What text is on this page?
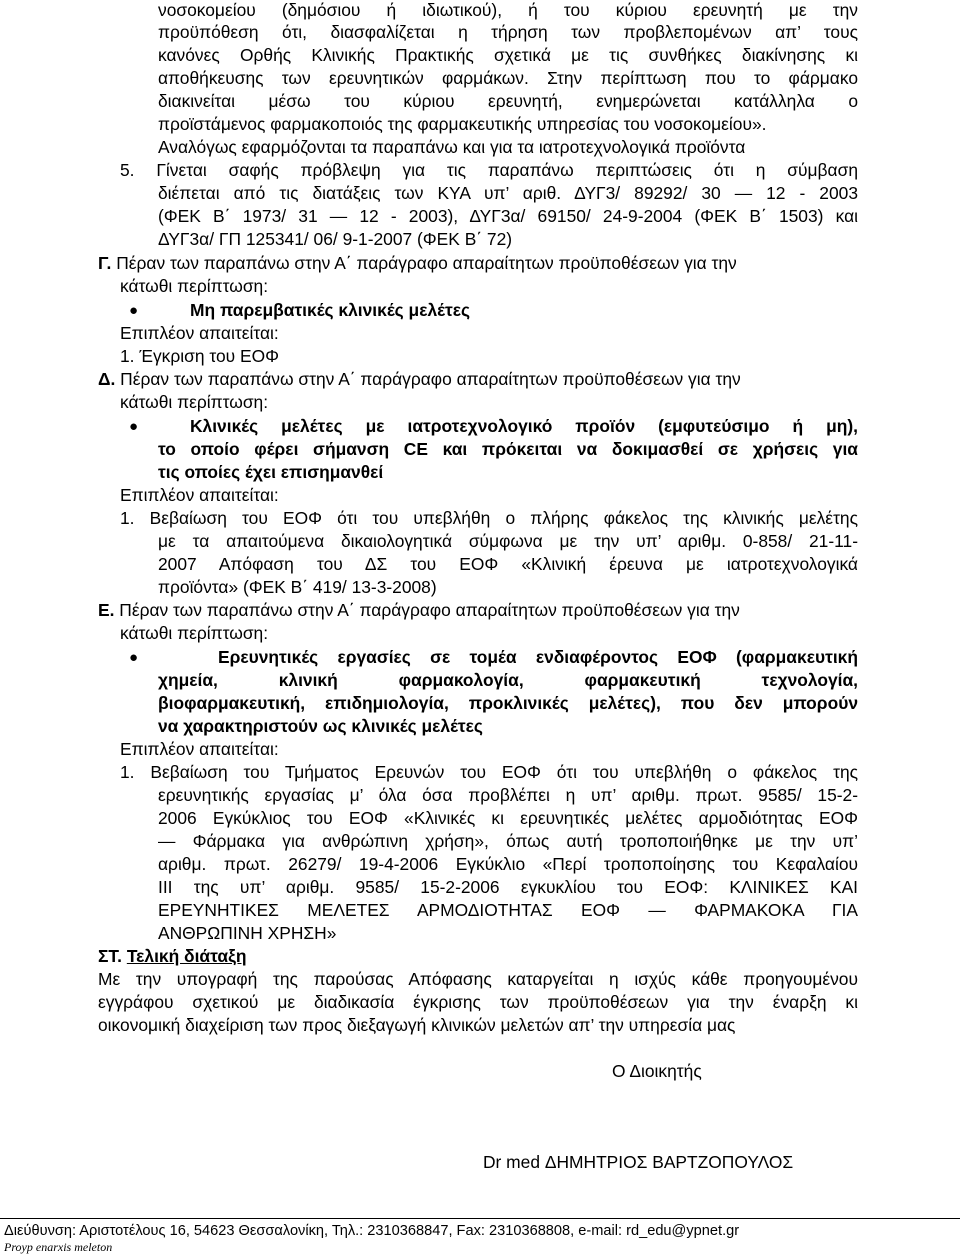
νοσοκομείου (δημόσιου ή ιδιωτικού), ή του κύριου ερευνητή με την
προϋπόθεση ότι, διασφαλίζεται η τήρηση των προβλεπομένων απ’ τους
κανόνες Ορθής Κλινικής Πρακτικής σχετικά με τις συνθήκες διακίνησης κι
αποθήκευσης των ερευνητικών φαρμάκων. Στην περίπτωση που το φάρμακο
διακινείται μέσω του κύριου ερευνητή, ενημερώνεται κατάλληλα ο
προϊστάμενος φαρμακοποιός της φαρμακευτικής υπηρεσίας του νοσοκομείου».
Αναλόγως εφαρμόζονται τα παραπάνω και για τα ιατροτεχνολογικά προϊόντα
5. Γίνεται σαφής πρόβλεψη για τις παραπάνω περιπτώσεις ότι η σύμβαση
διέπεται από τις διατάξεις των ΚΥΑ υπ’ αριθ. ΔΥΓ3/ 89292/ 30 — 12 - 2003
(ΦΕΚ Β΄ 1973/ 31 — 12 - 2003), ΔΥΓ3α/ 69150/ 24-9-2004 (ΦΕΚ Β΄ 1503) και
ΔΥΓ3α/ ΓΠ 125341/ 06/ 9-1-2007 (ΦΕΚ Β΄ 72)
Γ. Πέραν των παραπάνω στην Α΄ παράγραφο απαραίτητων προϋποθέσεων για την
κάτωθι περίπτωση:
●	Μη παρεμβατικές κλινικές μελέτες
Επιπλέον απαιτείται:
1. Έγκριση του ΕΟΦ
Δ. Πέραν των παραπάνω στην Α΄ παράγραφο απαραίτητων προϋποθέσεων για την
κάτωθι περίπτωση:
●	Κλινικές μελέτες με ιατροτεχνολογικό προϊόν (εμφυτεύσιμο ή μη),
το οποίο φέρει σήμανση CE και πρόκειται να δοκιμασθεί σε χρήσεις για
τις οποίες έχει επισημανθεί
Επιπλέον απαιτείται:
1. Βεβαίωση του ΕΟΦ ότι του υπεβλήθη ο πλήρης φάκελος της κλινικής μελέτης
με τα απαιτούμενα δικαιολογητικά σύμφωνα με την υπ’ αριθμ. 0-858/ 21-11-
2007 Απόφαση του ΔΣ του ΕΟΦ «Κλινική έρευνα με ιατροτεχνολογικά
προϊόντα» (ΦΕΚ Β΄ 419/ 13-3-2008)
Ε. Πέραν των παραπάνω στην Α΄ παράγραφο απαραίτητων προϋποθέσεων για την
κάτωθι περίπτωση:
●	Ερευνητικές εργασίες σε τομέα ενδιαφέροντος ΕΟΦ (φαρμακευτική
χημεία, κλινική φαρμακολογία, φαρμακευτική τεχνολογία,
βιοφαρμακευτική, επιδημιολογία, προκλινικές μελέτες), που δεν μπορούν
να χαρακτηριστούν ως κλινικές μελέτες
Επιπλέον απαιτείται:
1. Βεβαίωση του Τμήματος Ερευνών του ΕΟΦ ότι του υπεβλήθη ο φάκελος της
ερευνητικής εργασίας μ’ όλα όσα προβλέπει η υπ’ αριθμ. πρωτ. 9585/ 15-2-
2006 Εγκύκλιος του ΕΟΦ «Κλινικές κι ερευνητικές μελέτες αρμοδιότητας ΕΟΦ
— Φάρμακα για ανθρώπινη χρήση», όπως αυτή τροποποιήθηκε με την υπ’
αριθμ. πρωτ. 26279/ 19-4-2006 Εγκύκλιο «Περί τροποποίησης του Κεφαλαίου
ΙΙΙ της υπ’ αριθμ. 9585/ 15-2-2006 εγκυκλίου του ΕΟΦ: ΚΛΙΝΙΚΕΣ ΚΑΙ
ΕΡΕΥΝΗΤΙΚΕΣ ΜΕΛΕΤΕΣ ΑΡΜΟΔΙΟΤΗΤΑΣ ΕΟΦ — ΦΑΡΜΑΚΟΚΑ ΓΙΑ
ΑΝΘΡΩΠΙΝΗ ΧΡΗΣΗ»
ΣΤ. Τελική διάταξη
Με την υπογραφή της παρούσας Απόφασης καταργείται η ισχύς κάθε προηγουμένου
εγγράφου σχετικού με διαδικασία έγκρισης των προϋποθέσεων για την έναρξη κι
οικονομική διαχείριση των προς διεξαγωγή κλινικών μελετών απ’ την υπηρεσία μας
Ο Διοικητής
Dr med ΔΗΜΗΤΡΙΟΣ ΒΑΡΤΖΟΠΟΥΛΟΣ
Διεύθυνση: Αριστοτέλους 16, 54623 Θεσσαλονίκη, Τηλ.: 2310368847, Fax: 2310368808, e-mail: rd_edu@ypnet.gr
Proyp enarxis meleton
